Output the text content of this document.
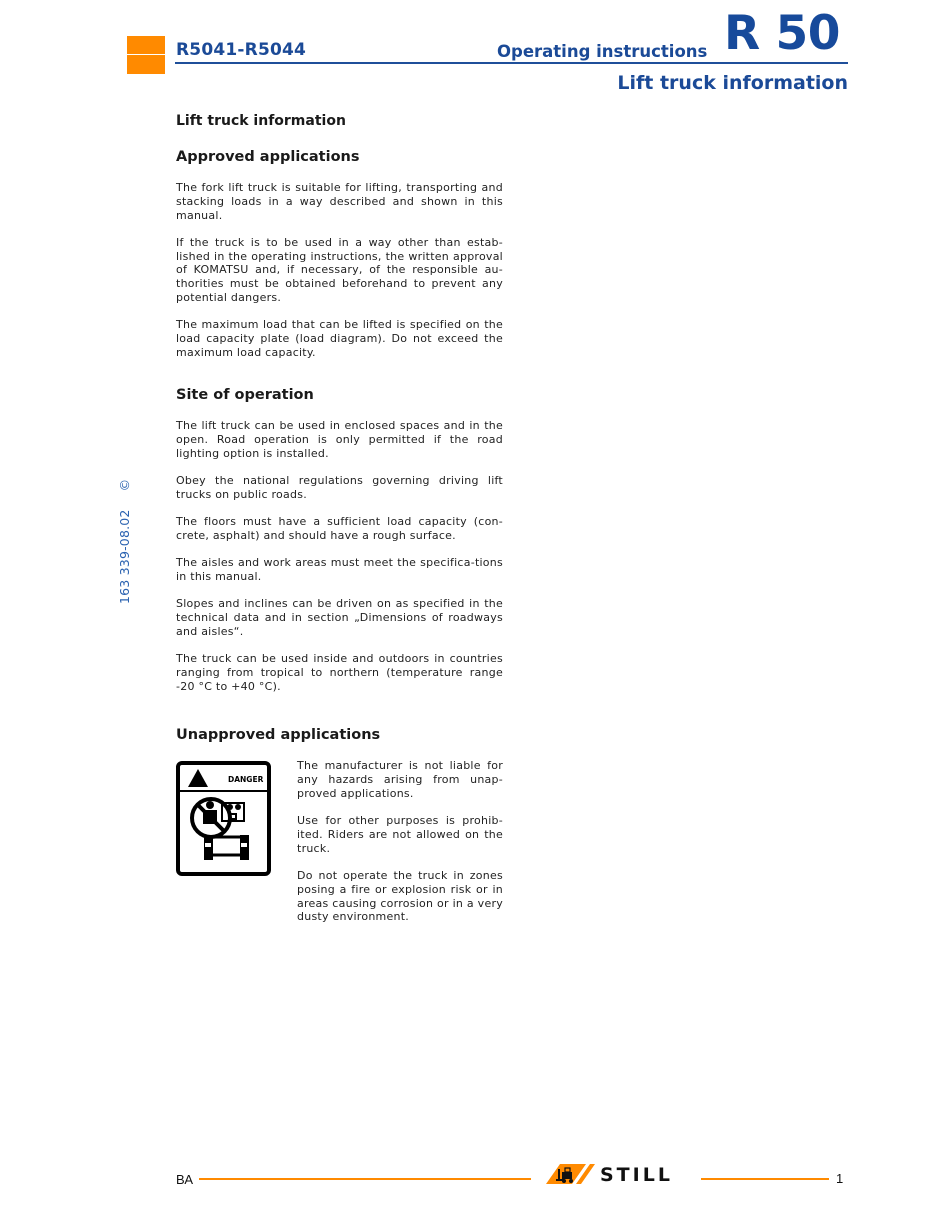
R5041-R5044	Operating instructions R 50
Lift truck information
163 339-08.02©
Lift truck information
Approved applications

The fork lift truck is suitable for lifting, transporting and stacking loads in a way described and shown in this manual.

If the truck is to be used in a way other than estab-lished in the operating instructions, the written approval of KOMATSU and, if necessary, of the responsible au-thorities must be obtained beforehand to prevent any potential dangers.

The maximum load that can be lifted is specified on the load capacity plate (load diagram). Do not exceed the maximum load capacity.

Site of operation

The lift truck can be used in enclosed spaces and in the open. Road operation is only permitted if the road lighting option is installed.

Obey the national regulations governing driving lift trucks on public roads.

The floors must have a sufficient load capacity (con-crete, asphalt) and should have a rough surface.

The aisles and work areas must meet the specifica-tions in this manual.

Slopes and inclines can be driven on as specified in the technical data and in section „Dimensions of roadways and aisles“.

The truck can be used inside and outdoors in countries ranging from tropical to northern (temperature range -20 °C to +40 °C).

Unapproved applications
DANGER

The manufacturer is not liable for any hazards arising from unap-proved applications.

Use for other purposes is prohib-ited. Riders are not allowed on the truck.

Do not operate the truck in zones posing a fire or explosion risk or in areas causing corrosion or in a very dusty environment.

BA	STILL	1
